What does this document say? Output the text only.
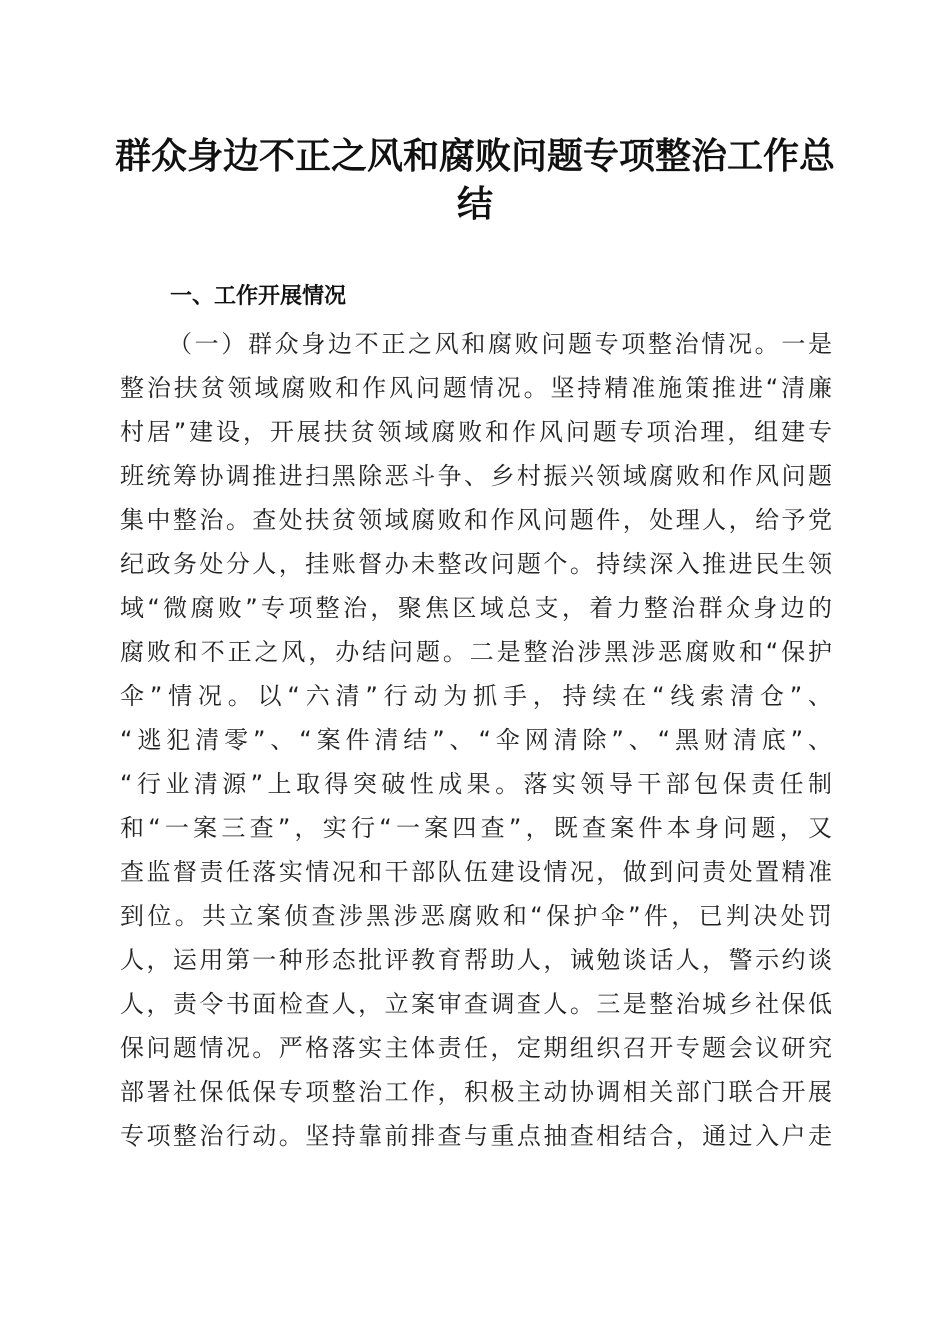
群众身边不正之风和腐败问题专项整治工作总
结
一、工作开展情况
（一）群众身边不正之风和腐败问题专项整治情况。一是
整治扶贫领域腐败和作风问题情况。坚持精准施策推进“清廉
村居”建设，开展扶贫领域腐败和作风问题专项治理，组建专
班统筹协调推进扫黑除恶斗争、乡村振兴领域腐败和作风问题
集中整治。查处扶贫领域腐败和作风问题件，处理人，给予党
纪政务处分人，挂账督办未整改问题个。持续深入推进民生领
域“微腐败”专项整治，聚焦区域总支，着力整治群众身边的
腐败和不正之风，办结问题。二是整治涉黑涉恶腐败和“保护
伞”情况。以“六清”行动为抓手，持续在“线索清仓”、
“逃犯清零”、“案件清结”、“伞网清除”、“黑财清底”、
“行业清源”上取得突破性成果。落实领导干部包保责任制
和“一案三查”，实行“一案四查”，既查案件本身问题，又
查监督责任落实情况和干部队伍建设情况，做到问责处置精准
到位。共立案侦查涉黑涉恶腐败和“保护伞”件，已判决处罚
人，运用第一种形态批评教育帮助人，诫勉谈话人，警示约谈
人，责令书面检查人，立案审查调查人。三是整治城乡社保低
保问题情况。严格落实主体责任，定期组织召开专题会议研究
部署社保低保专项整治工作，积极主动协调相关部门联合开展
专项整治行动。坚持靠前排查与重点抽查相结合，通过入户走
